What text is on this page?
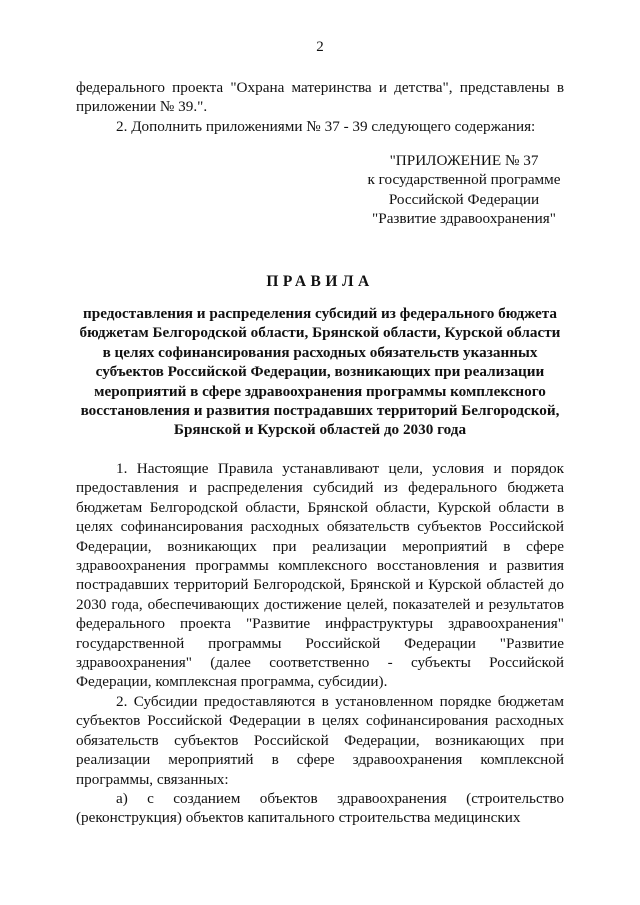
2

федерального проекта "Охрана материнства и детства", представлены в приложении № 39.".

2. Дополнить приложениями № 37 - 39 следующего содержания:

"ПРИЛОЖЕНИЕ № 37
к государственной программе
Российской Федерации
"Развитие здравоохранения"
ПРАВИЛА
предоставления и распределения субсидий из федерального бюджета
бюджетам Белгородской области, Брянской области, Курской области
в целях софинансирования расходных обязательств указанных
субъектов Российской Федерации, возникающих при реализации
мероприятий в сфере здравоохранения программы комплексного
восстановления и развития пострадавших территорий Белгородской,
Брянской и Курской областей до 2030 года

1. Настоящие Правила устанавливают цели, условия и порядок предоставления и распределения субсидий из федерального бюджета бюджетам Белгородской области, Брянской области, Курской области в целях софинансирования расходных обязательств субъектов Российской Федерации, возникающих при реализации мероприятий в сфере здравоохранения программы комплексного восстановления и развития пострадавших территорий Белгородской, Брянской и Курской областей до 2030 года, обеспечивающих достижение целей, показателей и результатов федерального проекта "Развитие инфраструктуры здравоохранения" государственной программы Российской Федерации "Развитие здравоохранения" (далее соответственно - субъекты Российской Федерации, комплексная программа, субсидии).

2. Субсидии предоставляются в установленном порядке бюджетам субъектов Российской Федерации в целях софинансирования расходных обязательств субъектов Российской Федерации, возникающих при реализации мероприятий в сфере здравоохранения комплексной программы, связанных:

а) с созданием объектов здравоохранения (строительство (реконструкция) объектов капитального строительства медицинских
